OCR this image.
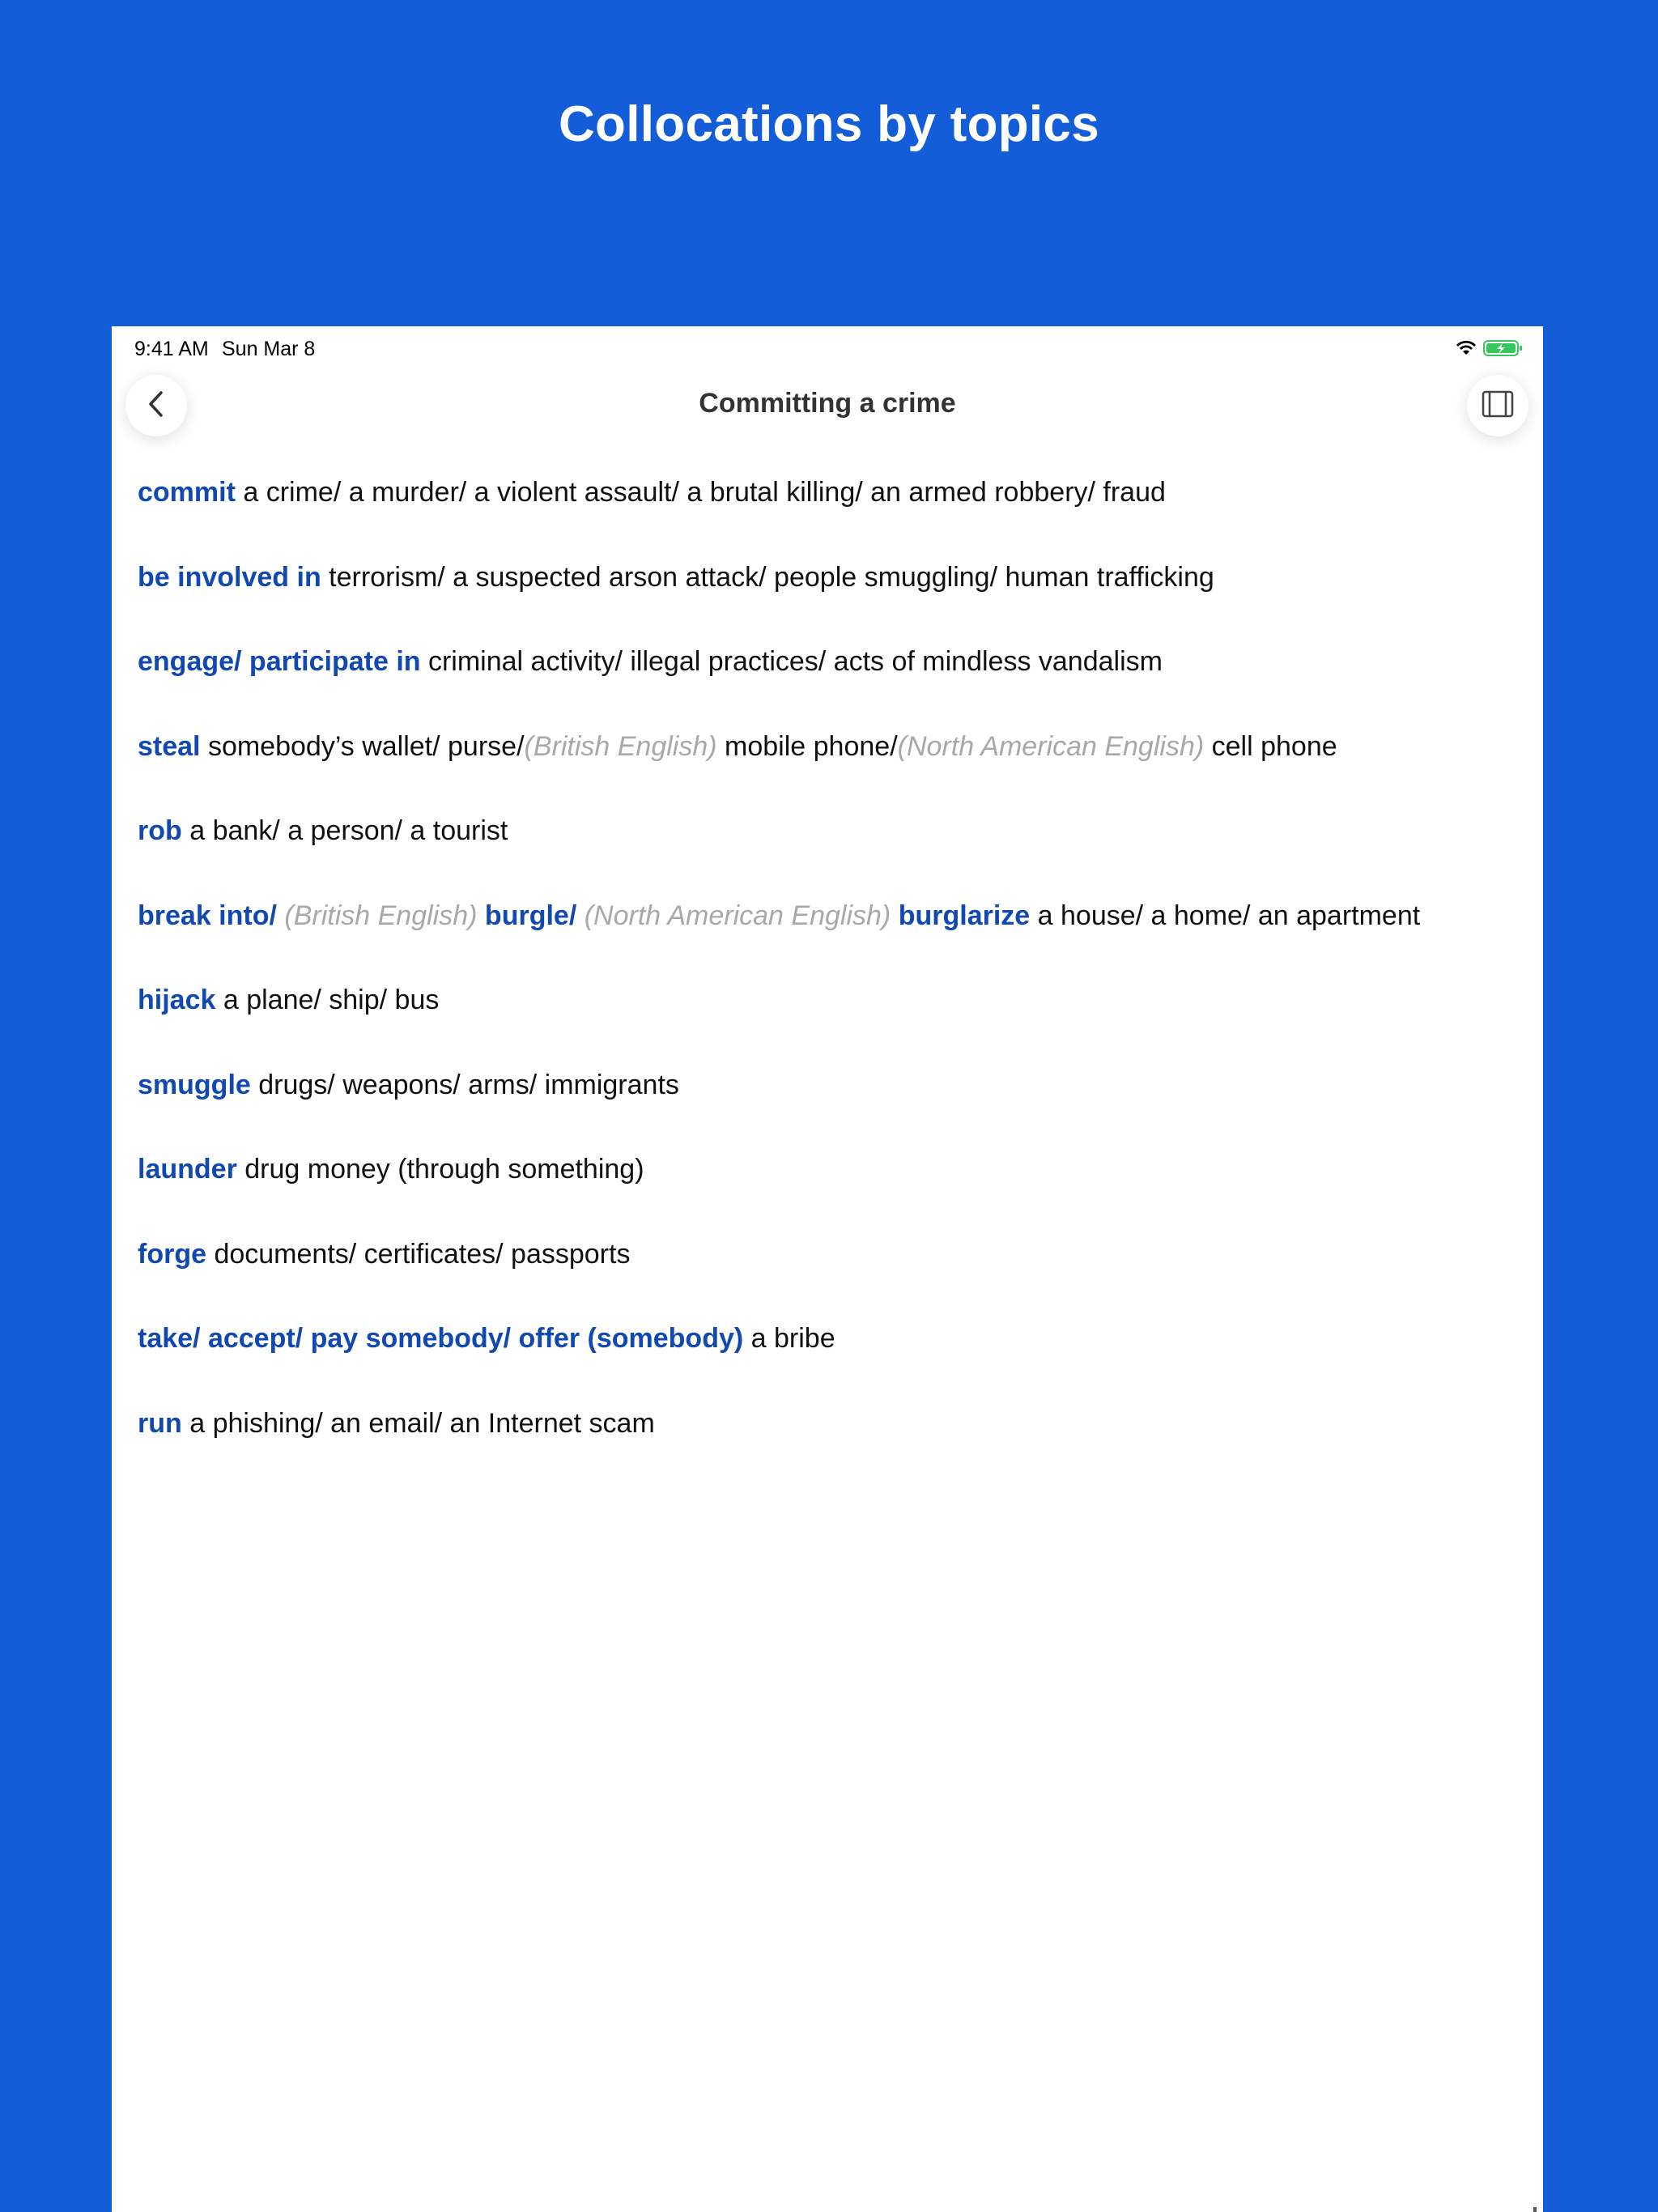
Collocations by topics
9:41 AM Sun Mar 8
Committing a crime
commit a crime/ a murder/ a violent assault/ a brutal killing/ an armed robbery/ fraud
be involved in terrorism/ a suspected arson attack/ people smuggling/ human trafficking
engage/ participate in criminal activity/ illegal practices/ acts of mindless vandalism
steal somebody’s wallet/ purse/(British English) mobile phone/(North American English) cell phone
rob a bank/ a person/ a tourist
break into/ (British English) burgle/ (North American English) burglarize a house/ a home/ an apartment
hijack a plane/ ship/ bus
smuggle drugs/ weapons/ arms/ immigrants
launder drug money (through something)
forge documents/ certificates/ passports
take/ accept/ pay somebody/ offer (somebody) a bribe
run a phishing/ an email/ an Internet scam
